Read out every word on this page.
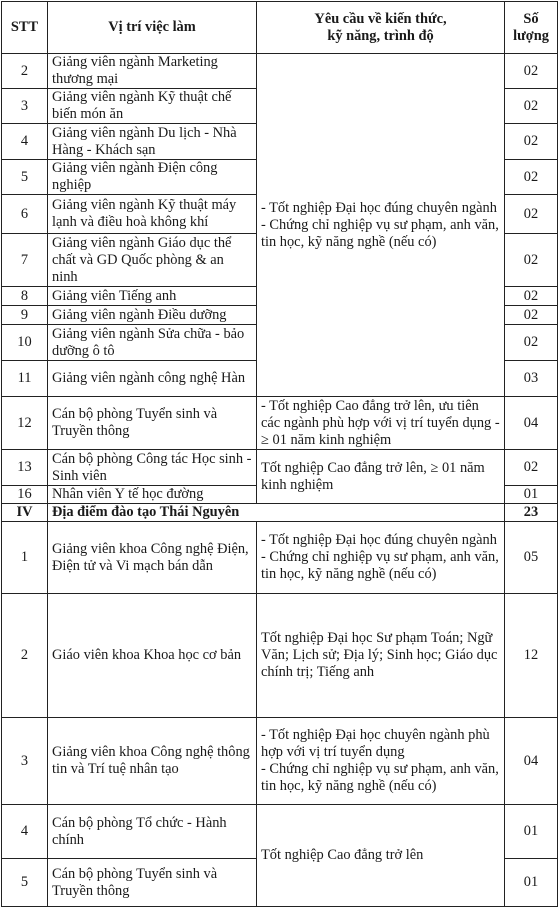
STT	Vị trí việc làm	Yêu cầu về kiến thức,
kỹ năng, trình độ	Số
lượng

2	Giảng viên ngành Marketing thương mại	- Tốt nghiệp Đại học đúng chuyên ngành - Chứng chỉ nghiệp vụ sư phạm, anh văn, tin học, kỹ năng nghề (nếu có)	02
3	Giảng viên ngành Kỹ thuật chế biến món ăn		02
4	Giảng viên ngành Du lịch - Nhà Hàng - Khách sạn		02
5	Giảng viên ngành Điện công nghiệp		02
6	Giảng viên ngành Kỹ thuật máy lạnh và điều hoà không khí		02
7	Giảng viên ngành Giáo dục thể chất và GD Quốc phòng & an ninh		02
8	Giảng viên Tiếng anh		02
9	Giảng viên ngành Điều dưỡng		02
10	Giảng viên ngành Sửa chữa - bảo dưỡng ô tô		02
11	Giảng viên ngành công nghệ Hàn		03
12	Cán bộ phòng Tuyển sinh và Truyền thông	- Tốt nghiệp Cao đẳng trở lên, ưu tiên các ngành phù hợp với vị trí tuyển dụng - ≥ 01 năm kinh nghiệm	04
13	Cán bộ phòng Công tác Học sinh - Sinh viên	Tốt nghiệp Cao đẳng trở lên, ≥ 01 năm kinh nghiệm	02
16	Nhân viên Y tế học đường		01
IV	Địa điểm đào tạo Thái Nguyên		23
1	Giảng viên khoa Công nghệ Điện, Điện tử và Vi mạch bán dẫn	- Tốt nghiệp Đại học đúng chuyên ngành
- Chứng chỉ nghiệp vụ sư phạm, anh văn, tin học, kỹ năng nghề (nếu có)	05
2	Giáo viên khoa Khoa học cơ bản	Tốt nghiệp Đại học Sư phạm Toán; Ngữ Văn; Lịch sử; Địa lý; Sinh học; Giáo dục chính trị; Tiếng anh	12
3	Giảng viên khoa Công nghệ thông tin và Trí tuệ nhân tạo	- Tốt nghiệp Đại học chuyên ngành phù hợp với vị trí tuyển dụng
- Chứng chỉ nghiệp vụ sư phạm, anh văn, tin học, kỹ năng nghề (nếu có)	04
4	Cán bộ phòng Tổ chức - Hành chính	Tốt nghiệp Cao đẳng trở lên	01
5	Cán bộ phòng Tuyển sinh và Truyền thông		01
